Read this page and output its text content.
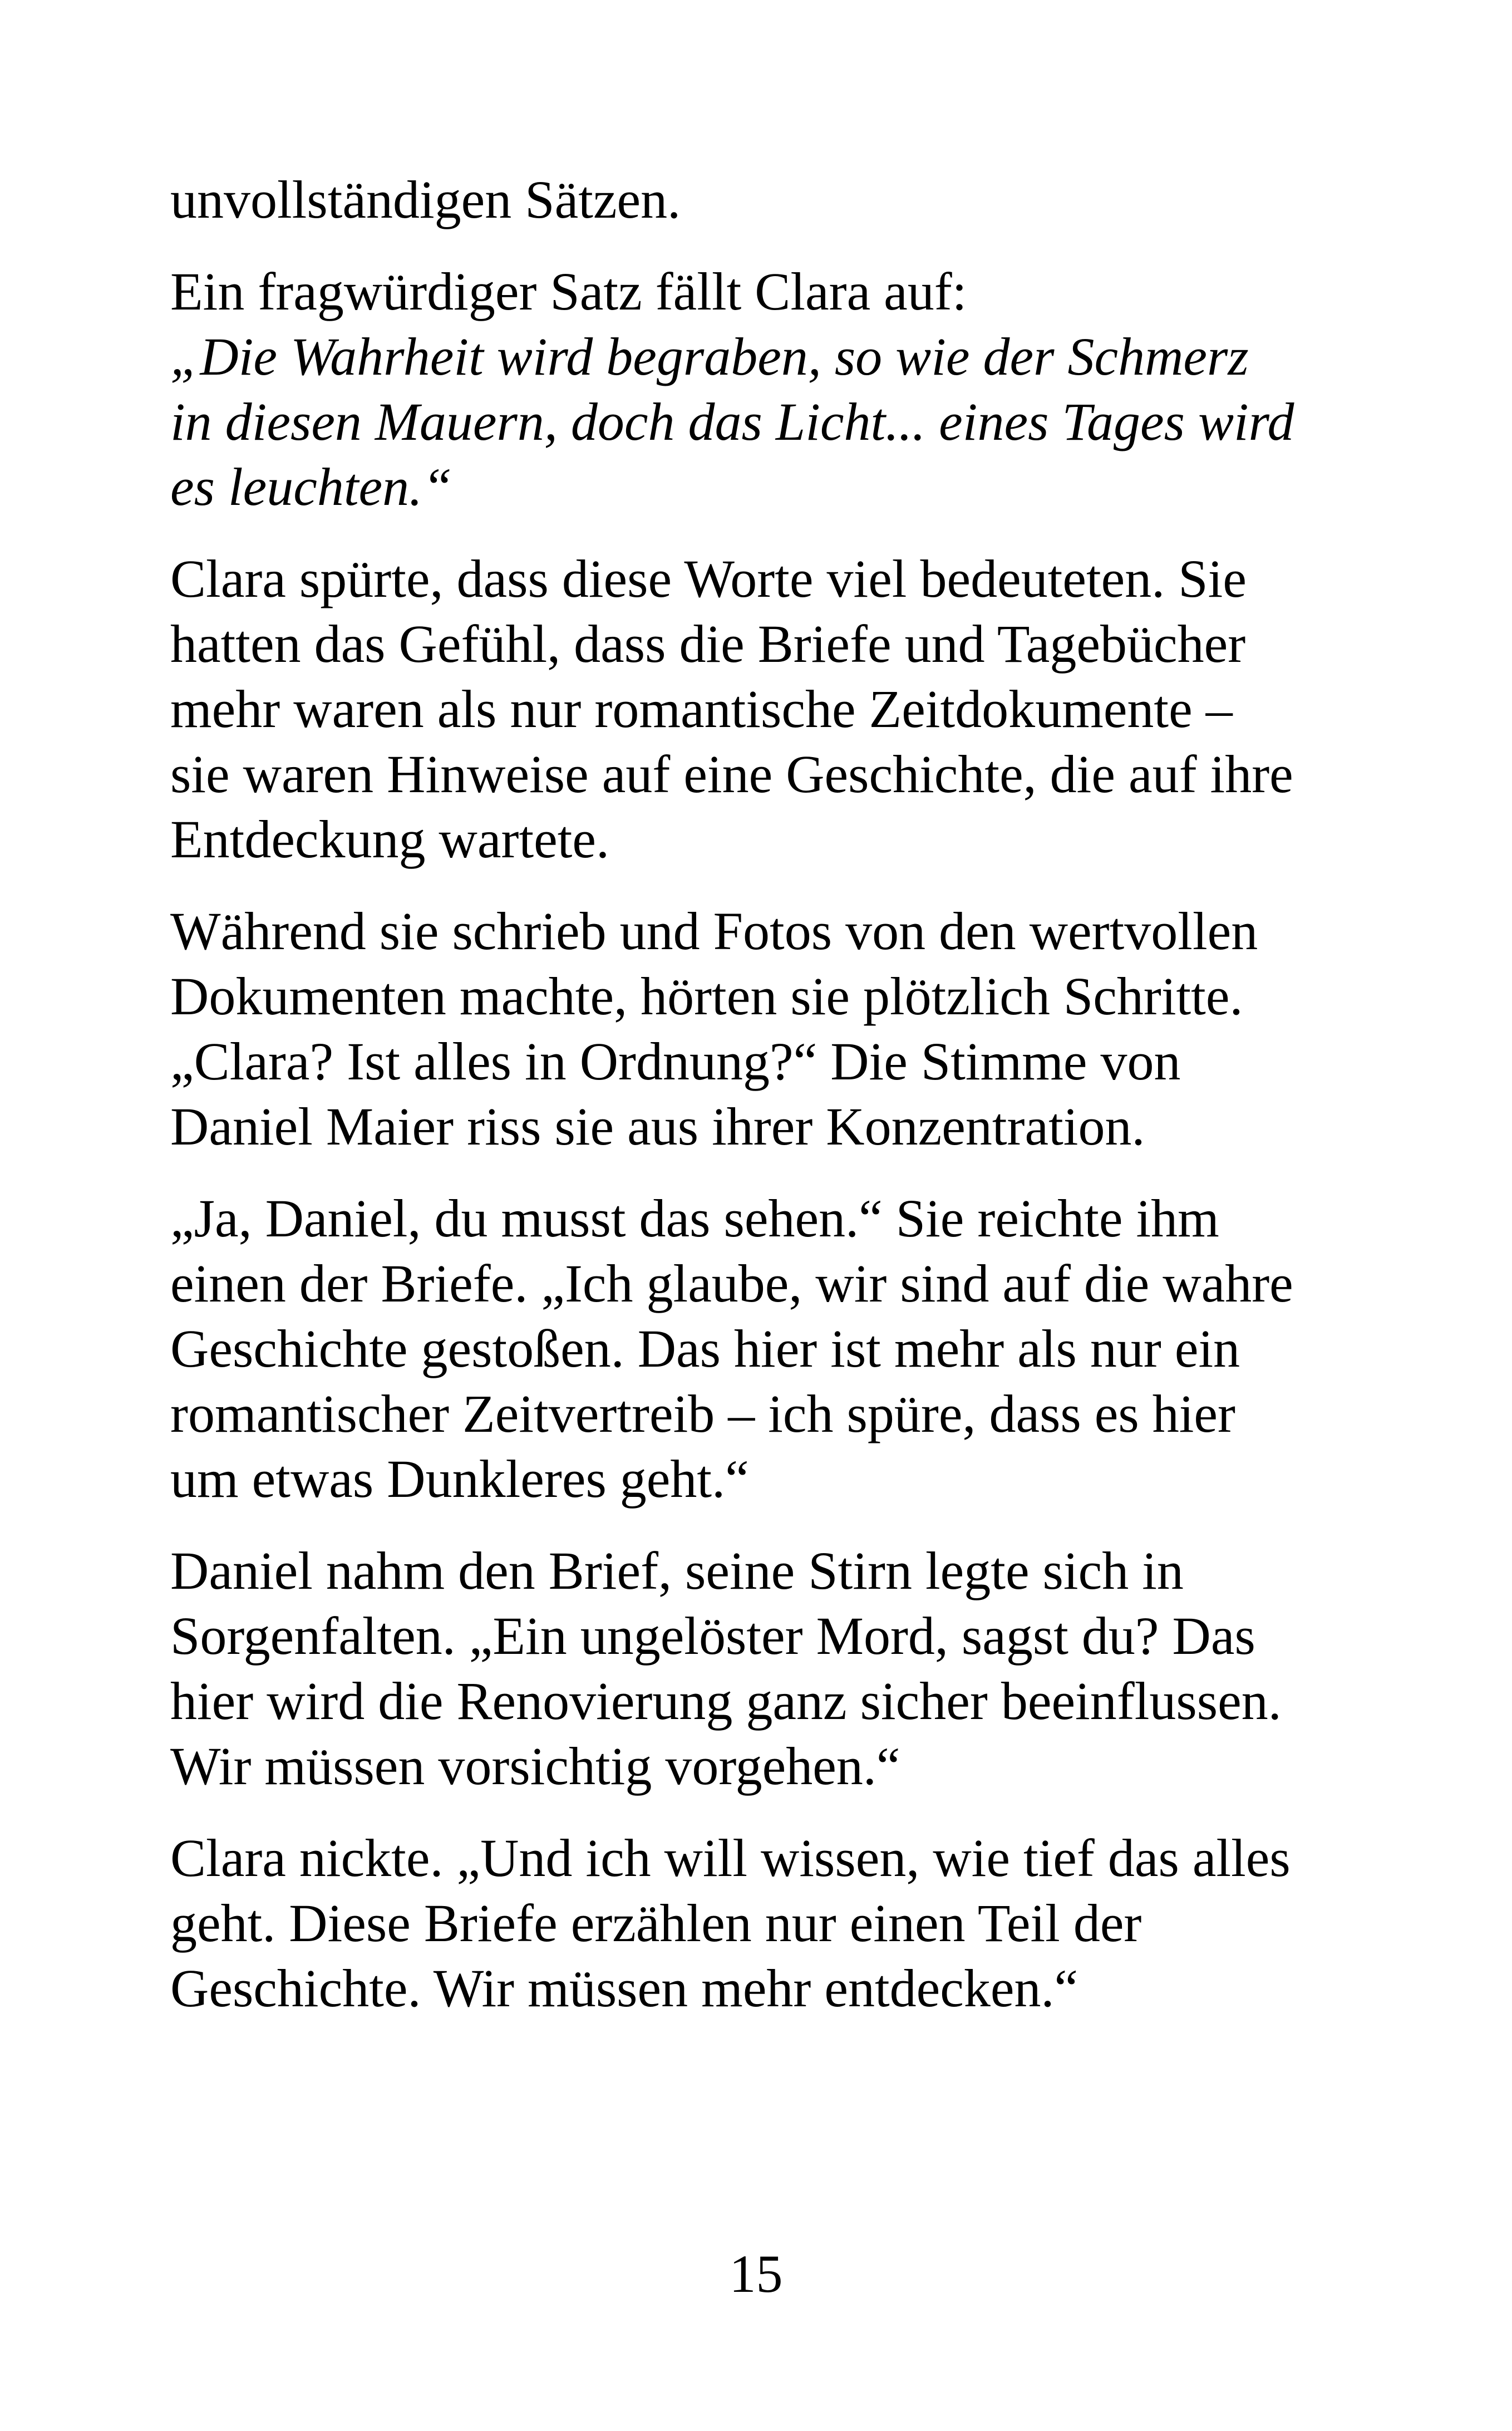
unvollständigen Sätzen.

Ein fragwürdiger Satz fällt Clara auf:
„Die Wahrheit wird begraben, so wie der Schmerz
in diesen Mauern, doch das Licht... eines Tages wird
es leuchten.“

Clara spürte, dass diese Worte viel bedeuteten. Sie
hatten das Gefühl, dass die Briefe und Tagebücher
mehr waren als nur romantische Zeitdokumente –
sie waren Hinweise auf eine Geschichte, die auf ihre
Entdeckung wartete.

Während sie schrieb und Fotos von den wertvollen
Dokumenten machte, hörten sie plötzlich Schritte.
„Clara? Ist alles in Ordnung?“ Die Stimme von
Daniel Maier riss sie aus ihrer Konzentration.

„Ja, Daniel, du musst das sehen.“ Sie reichte ihm
einen der Briefe. „Ich glaube, wir sind auf die wahre
Geschichte gestoßen. Das hier ist mehr als nur ein
romantischer Zeitvertreib – ich spüre, dass es hier
um etwas Dunkleres geht.“

Daniel nahm den Brief, seine Stirn legte sich in
Sorgenfalten. „Ein ungelöster Mord, sagst du? Das
hier wird die Renovierung ganz sicher beeinflussen.
Wir müssen vorsichtig vorgehen.“

Clara nickte. „Und ich will wissen, wie tief das alles
geht. Diese Briefe erzählen nur einen Teil der
Geschichte. Wir müssen mehr entdecken.“

15
